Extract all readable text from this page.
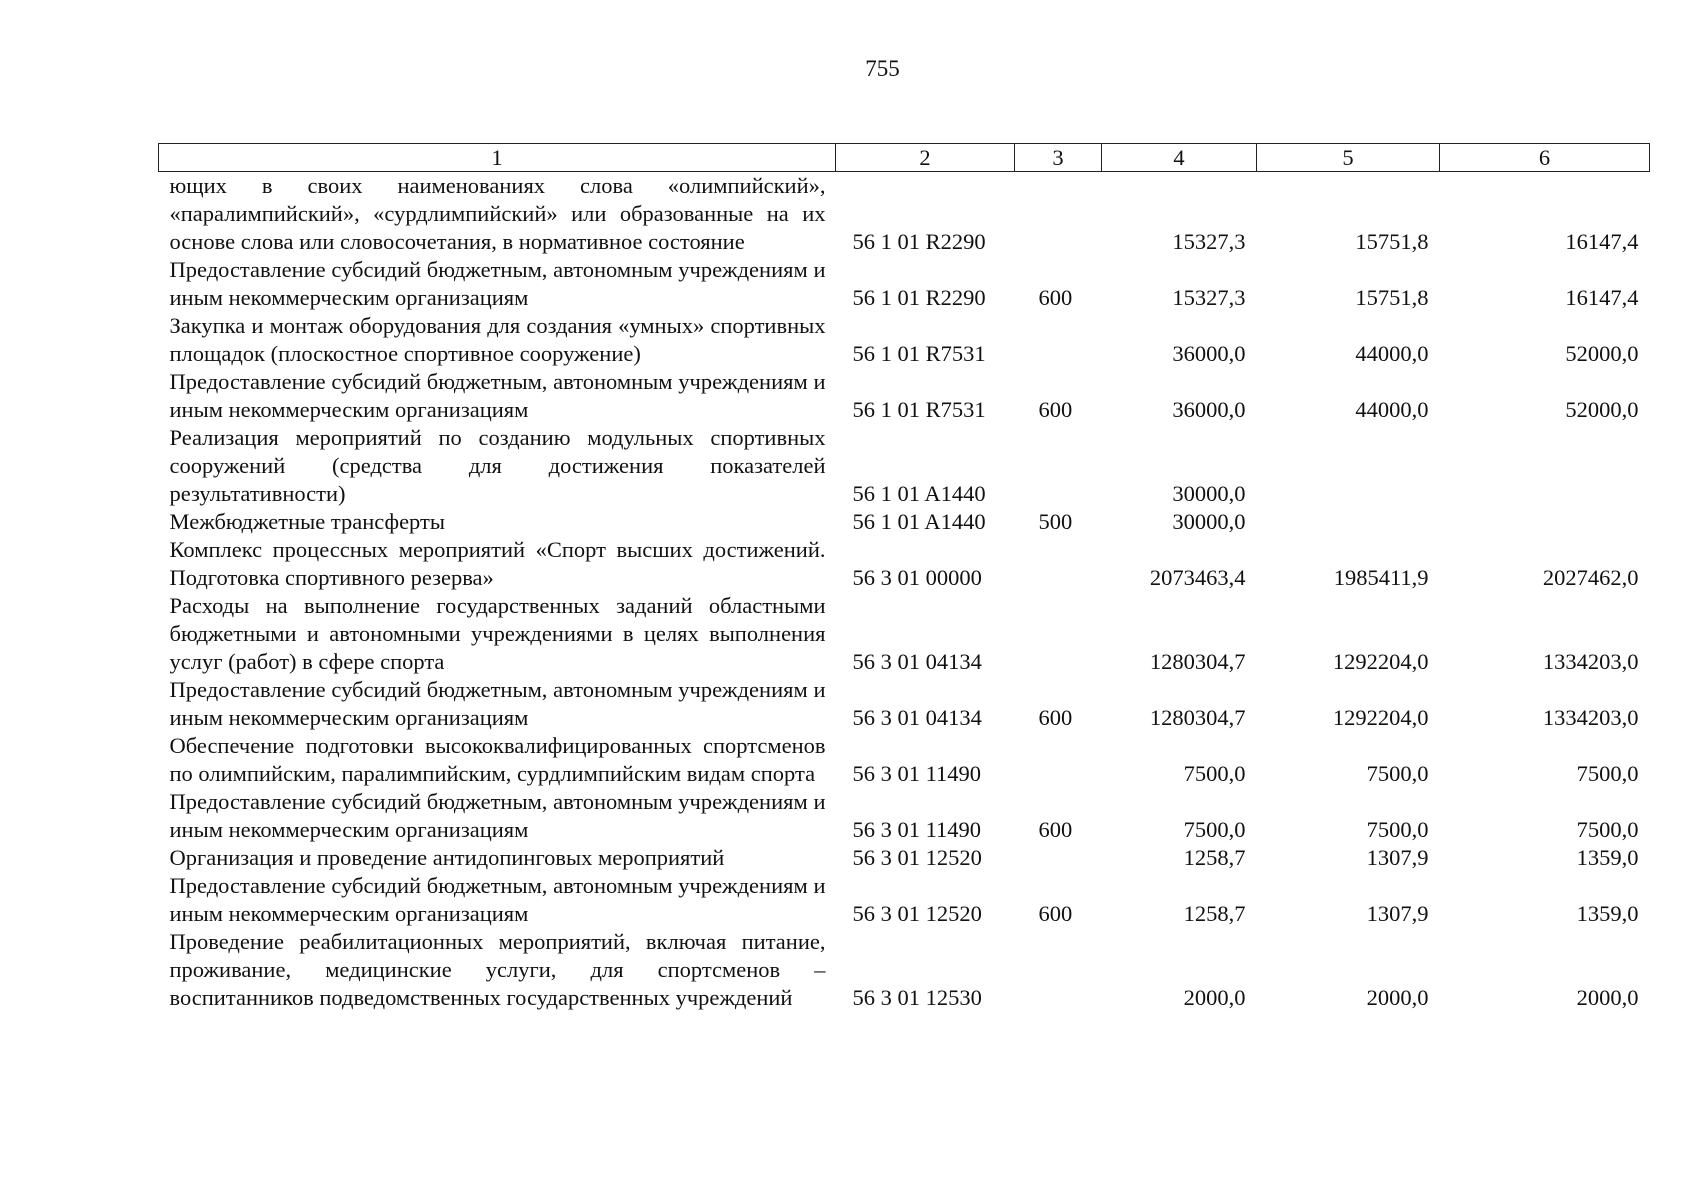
755
1	2	3	4	5	6
ющих в своих наименованиях слова «олимпийский», «паралимпийский», «сурдлимпийский» или образованные на их основе слова или словосочетания, в нормативное состояние	56 1 01 R2290		15327,3	15751,8	16147,4
Предоставление субсидий бюджетным, автономным учреждениям и иным некоммерческим организациям	56 1 01 R2290	600	15327,3	15751,8	16147,4
Закупка и монтаж оборудования для создания «умных» спортивных площадок (плоскостное спортивное сооружение)	56 1 01 R7531		36000,0	44000,0	52000,0
Предоставление субсидий бюджетным, автономным учреждениям и иным некоммерческим организациям	56 1 01 R7531	600	36000,0	44000,0	52000,0
Реализация мероприятий по созданию модульных спортивных сооружений (средства для достижения показателей результативности)	56 1 01 A1440		30000,0		
Межбюджетные трансферты	56 1 01 A1440	500	30000,0		
Комплекс процессных мероприятий «Спорт высших достижений. Подготовка спортивного резерва»	56 3 01 00000		2073463,4	1985411,9	2027462,0
Расходы на выполнение государственных заданий областными бюджетными и автономными учреждениями в целях выполнения услуг (работ) в сфере спорта	56 3 01 04134		1280304,7	1292204,0	1334203,0
Предоставление субсидий бюджетным, автономным учреждениям и иным некоммерческим организациям	56 3 01 04134	600	1280304,7	1292204,0	1334203,0
Обеспечение подготовки высококвалифицированных спортсменов по олимпийским, паралимпийским, сурдлимпийским видам спорта	56 3 01 11490		7500,0	7500,0	7500,0
Предоставление субсидий бюджетным, автономным учреждениям и иным некоммерческим организациям	56 3 01 11490	600	7500,0	7500,0	7500,0
Организация и проведение антидопинговых мероприятий	56 3 01 12520		1258,7	1307,9	1359,0
Предоставление субсидий бюджетным, автономным учреждениям и иным некоммерческим организациям	56 3 01 12520	600	1258,7	1307,9	1359,0
Проведение реабилитационных мероприятий, включая питание, проживание, медицинские услуги, для спортсменов – воспитанников подведомственных государственных учреждений	56 3 01 12530		2000,0	2000,0	2000,0
